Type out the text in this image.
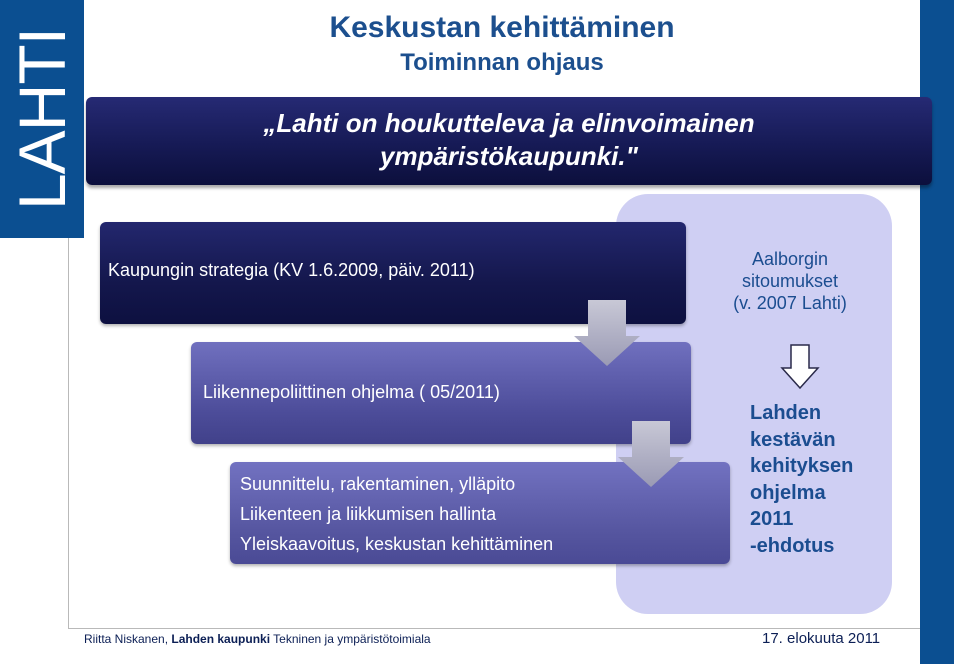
LAHTI
Keskustan kehittäminen
Toiminnan ohjaus
„Lahti on houkutteleva ja elinvoimainen
ympäristökaupunki."
Kaupungin strategia (KV 1.6.2009, päiv. 2011)
Aalborgin
sitoumukset
(v. 2007 Lahti)
Liikennepoliittinen ohjelma ( 05/2011)
Suunnittelu, rakentaminen, ylläpito
Liikenteen ja liikkumisen hallinta
Yleiskaavoitus, keskustan kehittäminen
Lahden
kestävän
kehityksen
ohjelma
2011
-ehdotus
Riitta Niskanen, Lahden kaupunki Tekninen ja ympäristötoimiala	17. elokuuta 2011
